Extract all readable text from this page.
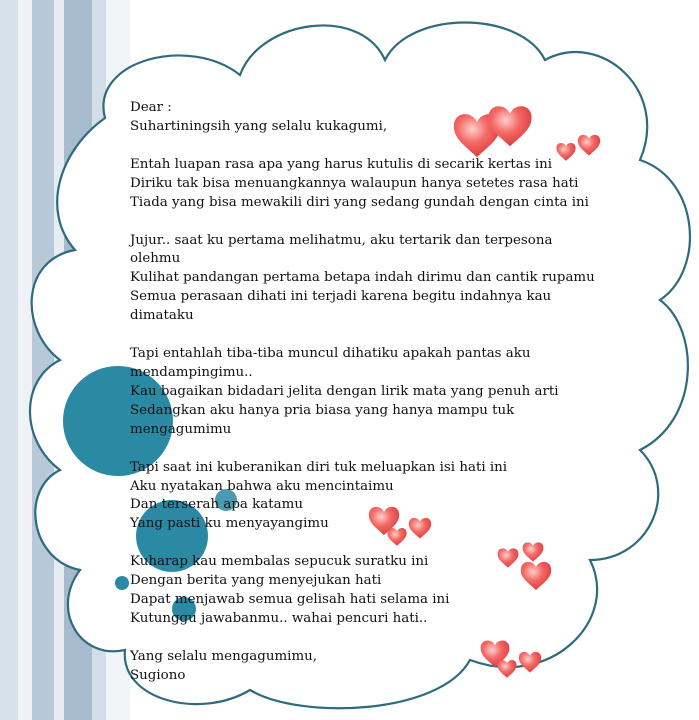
Dear :
Suhartiningsih yang selalu kukagumi,

Entah luapan rasa apa yang harus kutulis di secarik kertas ini
Diriku tak bisa menuangkannya walaupun hanya setetes rasa hati
Tiada yang bisa mewakili diri yang sedang gundah dengan cinta ini

Jujur.. saat ku pertama melihatmu, aku tertarik dan terpesona
olehmu
Kulihat pandangan pertama betapa indah dirimu dan cantik rupamu
Semua perasaan dihati ini terjadi karena begitu indahnya kau
dimataku

Tapi entahlah tiba-tiba muncul dihatiku apakah pantas aku
mendampingimu..
Kau bagaikan bidadari jelita dengan lirik mata yang penuh arti
Sedangkan aku hanya pria biasa yang hanya mampu tuk
mengagumimu

Tapi saat ini kuberanikan diri tuk meluapkan isi hati ini
Aku nyatakan bahwa aku mencintaimu
Dan terserah apa katamu
Yang pasti ku menyayangimu

Kuharap kau membalas sepucuk suratku ini
Dengan berita yang menyejukan hati
Dapat menjawab semua gelisah hati selama ini
Kutunggu jawabanmu.. wahai pencuri hati..

Yang selalu mengagumimu,
Sugiono
